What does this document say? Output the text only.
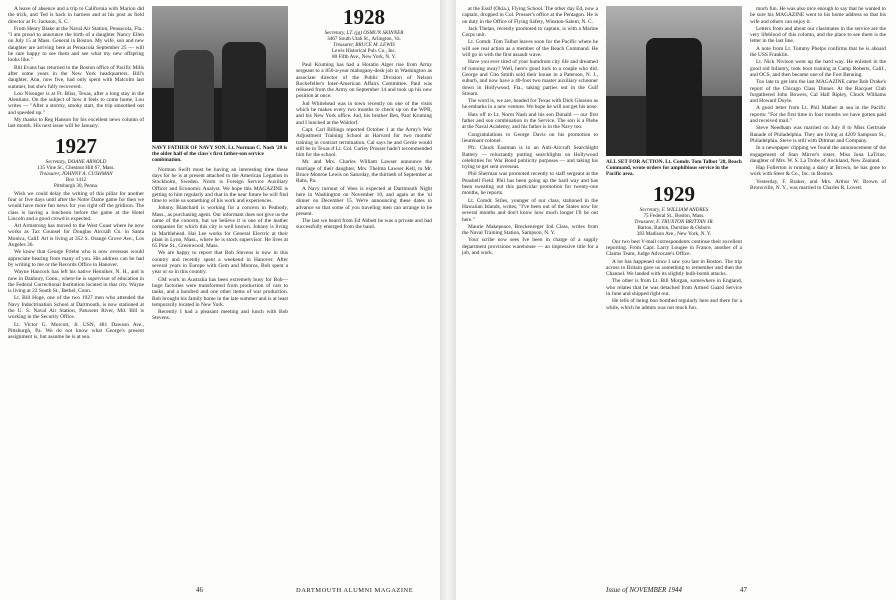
A leave of absence and a trip to California with Marion did the trick, and Ted is back in harness and at his post as field director at Ft. Jackson, S. C.

From Henry Blake at the Naval Air Station, Pensacola, Fla.: "I am proud to announce the birth of a daughter Nancy Ellen on July 15 at Mass. General in Boston. My wife, son and new daughter are arriving here at Pensacola September 25 — will be sure happy to see them and see what my new offspring looks like."

Bill Evans has returned to the Boston office of Pacific Mills after some years in the New York headquarters. Bill's daughter, Ann, now five, had only spent with Malcolm last summer, but she's fully recovered.

Lou Nisonger is at Ft. Bliss, Texas, after a long stay in the Aleutians. On the subject of how it feels to come home, Lou writes — "After a stormy, smoky start, the trip smoothed out and speeded up."

My thanks to Reg Hanson for his excellent news column of last month. His next issue will be January.

1927

Secretary, DOANE ARNOLD

135 Vine St., Chestnut Hill 67, Mass.

Treasurer, JOHNNY A. CUSHMAN

Box 1412

Pittsburgh 30, Penna.

Wish we could delay the writing of this pillar for another four or five days until after the Notre Dame game for then we would have more fun news for you right off the gridiron. The class is having a luncheon before the game at the Hotel Lincoln and a good crowd is expected.

Art Armstrong has moved to the West Coast where he now works as Tax Counsel for Douglas Aircraft Co. in Santa Monica, Calif. Art is living at 352 S. Orange Grove Ave., Los Angeles 36.

We know that George Friebe who is now overseas would appreciate hearing from many of you. His address can be had by writing to me or the Records Office in Hanover.

Wayne Hancock has left his native Henniker, N. H., and is now in Danbury, Conn., where he is supervisor of education in the Federal Correctional Institution located in that city. Wayne is living at 23 South St., Bethel, Conn.

Lt. Bill Hoge, one of the two 1927 men who attended the Navy Indoctrination School at Dartmouth, is now stationed at the U. S. Naval Air Station, Patuxent River, Md. Bill is working in the Security Office.

Lt. Victor G. Morcott, Jr. USN, 481 Dawson Ave., Pittsburgh, Pa. We do not know what George's present assignment is, but assume he is at sea.

NAVY FATHER OF NAVY SON. Lt. Norman C. Nash '28 is the older half of the class's first father-son service combination.

Norman Swift must be having an interesting time these days for he is at present attached to the American Legation in Stockholm, Sweden. Norm is Foreign Service Auxiliary Officer and Economic Analyst. We hope this MAGAZINE is getting to him regularly and that in the near future he will find time to write us something of his work and experiences.

Johnny Blanchard is working for a concern in Peabody, Mass., as purchasing agent. Our informant does not give us the name of the concern, but we believe it is one of the leather companies for which this city is well known. Johnny is living in Marblehead. Hal Lee works for General Electric at their plant in Lynn, Mass., where he is stock supervisor. He lives at 65 Pine St., Greenwood, Mass.

We are happy to report that Bob Stevens is now in this country and recently spent a weekend in Hanover. After several years in Europe with Gem and Monros, Bob spent a year or so in this country.

GM work in Australia has been extremely busy for Bob—huge factories were transformed from production of cars to tanks, and a hundred and one other items of war production. Bob brought his family home in the late summer and is at least temporarily located in New York.

Recently I had a pleasant meeting and lunch with Bob Stevens.

1928

Secretary, LT. (jg) OSMUN SKINNER

3467 South Utah St., Arlington, Va.

Treasurer, BRUCE M. LEWIS

Lewis Historical Pub. Co., Inc.

80 Fifth Ave., New York, N. Y.

Paul Kruming has had a Horatio Alger rise from Army sergeant to a 850-a-year mahogany-desk job in Washington as associate director of the Public Division of Nelson Rockefeller's Inter-American Affairs Committee. Paul was released from the Army on September 14 and took up his new position at once.

Jud Whitehead was in town recently on one of the visits which he makes every two months to check up on the WPB, and his New York office. Jud, his brother Ben, Paul Kruming and I lunched at the Waldorf.

Capt. Carl Billings reported October 1 at the Army's War Adjustment Training School at Harvard for two months' training in contract termination. Cal says he and Gertie would still be in Texas if Lt. Col. Curley Prosser hadn't recommended him for the school.

Mr. and Mrs. Charles William Lawser announce the marriage of their daughter, Mrs. Thelma Lawser Kell, to Mr. Bruce Monroe Lewis on Saturday, the thirtieth of September at Rahs, Pa.

A Navy turnout of 'ebes is expected at Dartmouth Night here in Washington on November 10, and again at the 'ol dinner on December 15. We're announcing these dates in advance so that some of you traveling men can arrange to be present.

The last we heard from Ed Abbott he was a private and had successfully emerged from the band.

46	DARTMOUTH ALUMNI MAGAZINE

at the Essif (Okla.), Flying School. The other day Ed, now a captain, dropped in Col. Prosser's office at the Pentagon. He is on duty in the Office of Flying Safety, Winston-Salem, N. C.

Jack Thelan, recently promoted to captain, is with a Marine Corps unit.

Lt. Comdr. Tom Talbot leaves soon for the Pacific where he will see real action as a member of the Beach Command. He will go in with the first assault wave.

Have you ever tired of your humdrum city life and dreamed of running away? Well, here's good luck to a couple who did. George and Cito Smith sold their house in a Paterson, N. J., suburb, and now have a 40-foot two master auxiliary schooner down in Hollywood, Fla., taking parties out in the Gulf Stream.

The word is, we are, headed for Texas with Dick Gleason as he embarks in a new venture. We hope he will not get his nose.

Hats off to Lt. Norm Nash and his son Donald — our first father and son combination in the Service. The son is a Plebe at the Naval Academy, and his father is in the Navy too.

Congratulations to George Davis on his promotion to lieutenant colonel.

Pfc. Chuck Eastman is in an Anti-Aircraft Searchlight Battery — reluctantly putting searchlights on Hollywood celebrities for War Bond publicity purposes — and taking his trying to get sent overseas.

Phil Sherman was promoted recently to staff sergeant at the Peashell Field. Phil has been going up the hard way and has been sweating out this particular promotion for twenty-one months, he reports.

Lt. Comdr. Stiles, younger of our class, stationed in the Hawaiian Islands, writes, "I've been out of the States now for several months and don't know how much longer I'll be out here."

Maurie Makepeace, Breckenreger Iod Class, writes from the Naval Training Station, Sampson, N. Y.

Your scribe now sees Ive been in charge of a supply department provisions warehouse — an impressive title for a job, and work.

ALL SET FOR ACTION. Lt. Comdr. Tom Talbot '28, Beach Command, wrote orders for amphibious service in the Pacific area.
1929

Secretary, F. WILLIAM ANDRES

75 Federal St., Boston, Mass.

Treasurer, F. TRUXTON BRITTAN JR.

Barton, Barton, Durstine & Osborn

383 Madison Ave., New York, N. Y.

Our two best V-mail correspondents continue their excellent reporting. From Capt. Larry Lougee in France, another of a Claims Team, Judge Advocate's Office.

A lot has happened since I saw you last in Boston. The trip across to Britain gave us something to remember and then the Channel. We landed with its slightly bulb-bomb attacks.

The other is from Lt. Bill Morgan, somewhere in England, who relates that he was detached from Armed Guard Service in June and shipped right out.

He tells of being bon bombed regularly here and there for a while, which he admits was not much fun.

much fun. He was also nice enough to say that he wanted to be sure his MAGAZINE went to his home address so that his wife and others can enjoy it.

Letters from and about our classmates in the service are the very lifeblood of this column, and the place to see them is the letter in the last line.

A note from Lt. Tommy Phelps confirms that he is aboard the USS Franklin.

Lt. Nick Nivison went up the hard way. He enlisted in the good old Infantry, took boot training at Camp Roberts, Calif., and OCS, and then became one of the Fort Benning.

Too late to get into the last MAGAZINE came Bob Drake's report of the Chicago Class Dinner. At the Racquet Club forgathered John Bowers, Cal Hall Ripley, Chuck Williams and Howard Doyle.

A good letter from Lt. Phil Mather at sea in the Pacific reports: "For the first time in four months we have gotten paid and received mail."

Steve Needham was married on July 8 to Miss Gertrude Ranade of Philadelphia. They are living at 4209 Sampson St., Philadelphia. Steve is still with Dittmar and Company.

In a newspaper clipping we found the announcement of the engagement of Stan Mirror's sister, Miss Iona LaTrine, daughter of Mrs. W. S. La Trobe of Auckland, New Zealand.

Hap Fullerton is running a dairy at Brown, he has gone to work with Steer & Co., Inc. in Boston.

Yesterday, F. Braker, and Mrs. Arthur W. Brown of Bronxville, N. Y., was married to Charles R. Lovett.

Issue of NOVEMBER 1944	47
